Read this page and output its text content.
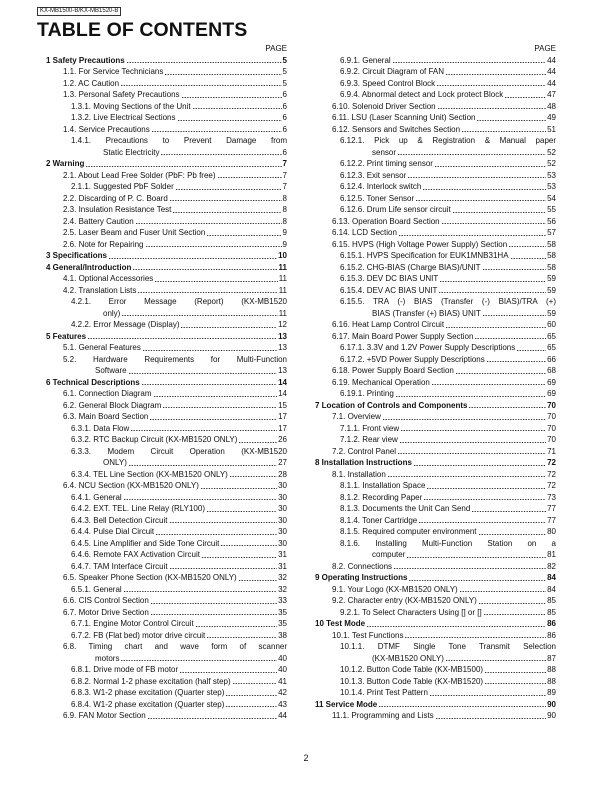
KX-MB1500-B/KX-MB1520-B
TABLE OF CONTENTS
PAGE
1 Safety Precautions	5
1.1. For Service Technicians	5
1.2. AC Caution	5
1.3. Personal Safety Precautions	6
1.3.1. Moving Sections of the Unit	6
1.3.2. Live Electrical Sections	6
1.4. Service Precautions	6
1.4.1. Precautions to Prevent Damage from
Static Electricity	6
2 Warning	7
2.1. About Lead Free Solder (PbF: Pb free)	7
2.1.1. Suggested PbF Solder	7
2.2. Discarding of P. C. Board	8
2.3. Insulation Resistance Test	8
2.4. Battery Caution	8
2.5. Laser Beam and Fuser Unit Section	9
2.6. Note for Repairing	9
3 Specifications	10
4 General/Introduction	11
4.1. Optional Accessories	11
4.2. Translation Lists	11
4.2.1. Error Message (Report) (KX-MB1520
only)	11
4.2.2. Error Message (Display)	12
5 Features	13
5.1. General Features	13
5.2. Hardware Requirements for Multi-Function
Software	13
6 Technical Descriptions	14
6.1. Connection Diagram	14
6.2. General Block Diagram	15
6.3. Main Board Section	17
6.3.1. Data Flow	17
6.3.2. RTC Backup Circuit (KX-MB1520 ONLY)	26
6.3.3. Modem Circuit Operation (KX-MB1520
ONLY)	27
6.3.4. TEL Line Section (KX-MB1520 ONLY)	28
6.4. NCU Section (KX-MB1520 ONLY)	30
6.4.1. General	30
6.4.2. EXT. TEL. Line Relay (RLY100)	30
6.4.3. Bell Detection Circuit	30
6.4.4. Pulse Dial Circuit	30
6.4.5. Line Amplifier and Side Tone Circuit	30
6.4.6. Remote FAX Activation Circuit	31
6.4.7. TAM Interface Circuit	31
6.5. Speaker Phone Section (KX-MB1520 ONLY)	32
6.5.1. General	32
6.6. CIS Control Section	33
6.7. Motor Drive Section	35
6.7.1. Engine Motor Control Circuit	35
6.7.2. FB (Flat bed) motor drive circuit	38
6.8. Timing chart and wave form of scanner
motors	40
6.8.1. Drive mode of FB motor	40
6.8.2. Normal 1-2 phase excitation (half step)	41
6.8.3. W1-2 phase excitation (Quarter step)	42
6.8.4. W1-2 phase excitation (Quarter step)	43
6.9. FAN Motor Section	44
PAGE
6.9.1. General	44
6.9.2. Circuit Diagram of FAN	44
6.9.3. Speed Control Block	44
6.9.4. Abnormal detect and Lock protect Block	47
6.10. Solenoid Driver Section	48
6.11. LSU (Laser Scanning Unit) Section	49
6.12. Sensors and Switches Section	51
6.12.1. Pick up & Registration & Manual paper
sensor	52
6.12.2. Print timing sensor	52
6.12.3. Exit sensor	53
6.12.4. Interlock switch	53
6.12.5. Toner Sensor	54
6.12.6. Drum Life sensor circuit	55
6.13. Operation Board Section	56
6.14. LCD Section	57
6.15. HVPS (High Voltage Power Supply) Section	58
6.15.1. HVPS Specification for EUK1MNB31HA	58
6.15.2. CHG-BIAS (Charge BIAS)/UNIT	58
6.15.3. DEV DC BIAS UNIT	59
6.15.4. DEV AC BIAS UNIT	59
6.15.5. TRA (-) BIAS (Transfer (-) BIAS)/TRA (+)
BIAS (Transfer (+) BIAS) UNIT	59
6.16. Heat Lamp Control Circuit	60
6.17. Main Board Power Supply Section	65
6.17.1. 3.3V and 1.2V Power Supply Descriptions	65
6.17.2. +5VD Power Supply Descriptions	66
6.18. Power Supply Board Section	68
6.19. Mechanical Operation	69
6.19.1. Printing	69
7 Location of Controls and Components	70
7.1. Overview	70
7.1.1. Front view	70
7.1.2. Rear view	70
7.2. Control Panel	71
8 Installation Instructions	72
8.1. Installation	72
8.1.1. Installation Space	72
8.1.2. Recording Paper	73
8.1.3. Documents the Unit Can Send	77
8.1.4. Toner Cartridge	77
8.1.5. Required computer environment	80
8.1.6. Installing Multi-Function Station on a
computer	81
8.2. Connections	82
9 Operating Instructions	84
9.1. Your Logo (KX-MB1520 ONLY)	84
9.2. Character entry (KX-MB1520 ONLY)	85
9.2.1. To Select Characters Using [] or []	85
10 Test Mode	86
10.1. Test Functions	86
10.1.1. DTMF Single Tone Transmit Selection
(KX-MB1520 ONLY)	87
10.1.2. Button Code Table (KX-MB1500)	88
10.1.3. Button Code Table (KX-MB1520)	88
10.1.4. Print Test Pattern	89
11 Service Mode	90
11.1. Programming and Lists	90
2
